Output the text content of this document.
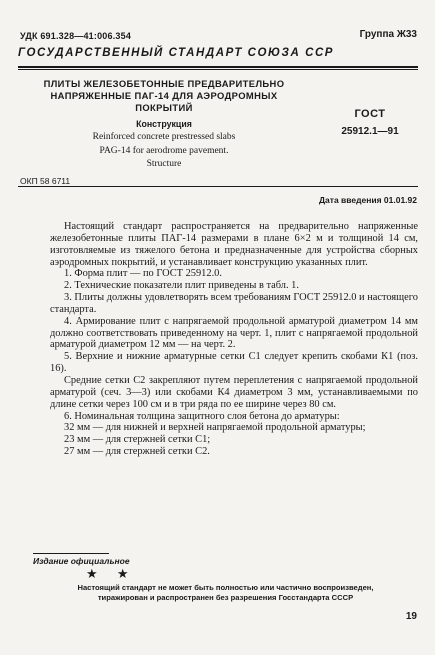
УДК 691.328—41:006.354	Группа Ж33
ГОСУДАРСТВЕННЫЙ СТАНДАРТ СОЮЗА ССР
ПЛИТЫ ЖЕЛЕЗОБЕТОННЫЕ ПРЕДВАРИТЕЛЬНО
НАПРЯЖЕННЫЕ ПАГ-14 ДЛЯ АЭРОДРОМНЫХ
ПОКРЫТИЙ
Конструкция
Reinforced concrete prestressed slabs
PAG-14 for aerodrome pavement.
Structure
ГОСТ
25912.1—91
ОКП 58 6711
Дата введения 01.01.92

Настоящий стандарт распространяется на предварительно напряженные железобетонные плиты ПАГ-14 размерами в плане 6×2 м и толщиной 14 см, изготовляемые из тяжелого бетона и предназначенные для устройства сборных аэродромных покрытий, и устанавливает конструкцию указанных плит.

1. Форма плит — по ГОСТ 25912.0.

2. Технические показатели плит приведены в табл. 1.

3. Плиты должны удовлетворять всем требованиям ГОСТ 25912.0 и настоящего стандарта.

4. Армирование плит с напрягаемой продольной арматурой диаметром 14 мм должно соответствовать приведенному на черт. 1, плит с напрягаемой продольной арматурой диаметром 12 мм — на черт. 2.

5. Верхние и нижние арматурные сетки С1 следует крепить скобами К1 (поз. 16).

Средние сетки С2 закрепляют путем переплетения с напрягаемой продольной арматурой (сеч. 3—3) или скобами К4 диаметром 3 мм, устанавливаемыми по длине сетки через 100 см и в три ряда по ее ширине через 80 см.

6. Номинальная толщина защитного слоя бетона до арматуры:

32 мм — для нижней и верхней напрягаемой продольной арматуры;

23 мм — для стержней сетки С1;

27 мм — для стержней сетки С2.

Издание официальное
★ ★
Настоящий стандарт не может быть полностью или частично воспроизведен,
тиражирован и распространен без разрешения Госстандарта СССР
19
